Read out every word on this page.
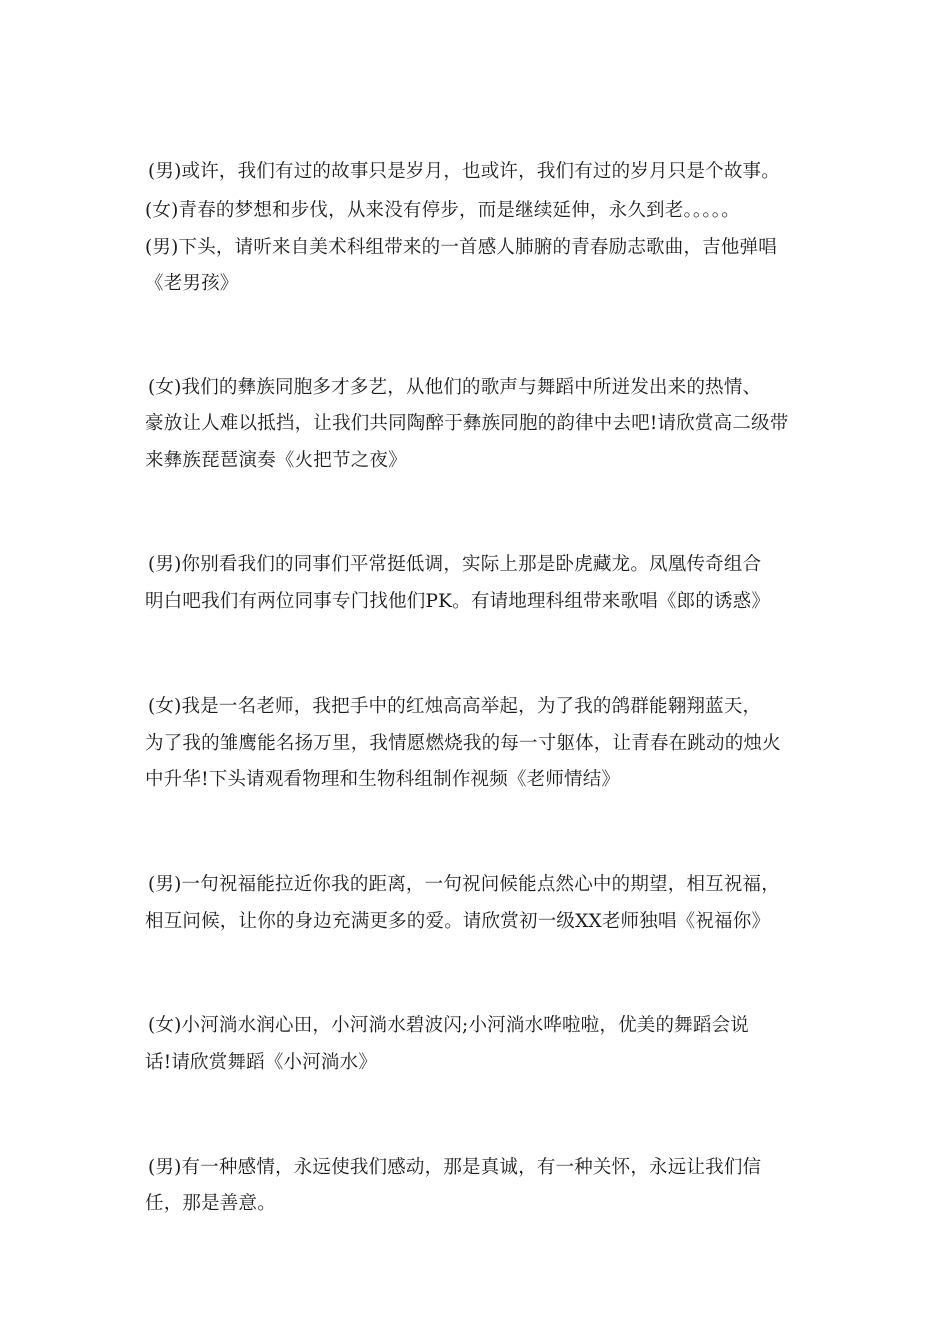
(男)或许，我们有过的故事只是岁月，也或许，我们有过的岁月只是个故事。
(女)青春的梦想和步伐，从来没有停步，而是继续延伸，永久到老。。。。。
(男)下头，请听来自美术科组带来的一首感人肺腑的青春励志歌曲，吉他弹唱
《老男孩》
(女)我们的彝族同胞多才多艺，从他们的歌声与舞蹈中所迸发出来的热情、
豪放让人难以抵挡，让我们共同陶醉于彝族同胞的韵律中去吧!请欣赏高二级带
来彝族琵琶演奏《火把节之夜》
(男)你别看我们的同事们平常挺低调，实际上那是卧虎藏龙。凤凰传奇组合
明白吧我们有两位同事专门找他们PK。有请地理科组带来歌唱《郎的诱惑》
(女)我是一名老师，我把手中的红烛高高举起，为了我的鸽群能翱翔蓝天，
为了我的雏鹰能名扬万里，我情愿燃烧我的每一寸躯体，让青春在跳动的烛火
中升华!下头请观看物理和生物科组制作视频《老师情结》
(男)一句祝福能拉近你我的距离，一句祝问候能点然心中的期望，相互祝福，
相互问候，让你的身边充满更多的爱。请欣赏初一级XX老师独唱《祝福你》
(女)小河淌水润心田，小河淌水碧波闪;小河淌水哗啦啦，优美的舞蹈会说
话!请欣赏舞蹈《小河淌水》
(男)有一种感情，永远使我们感动，那是真诚，有一种关怀，永远让我们信
任，那是善意。
